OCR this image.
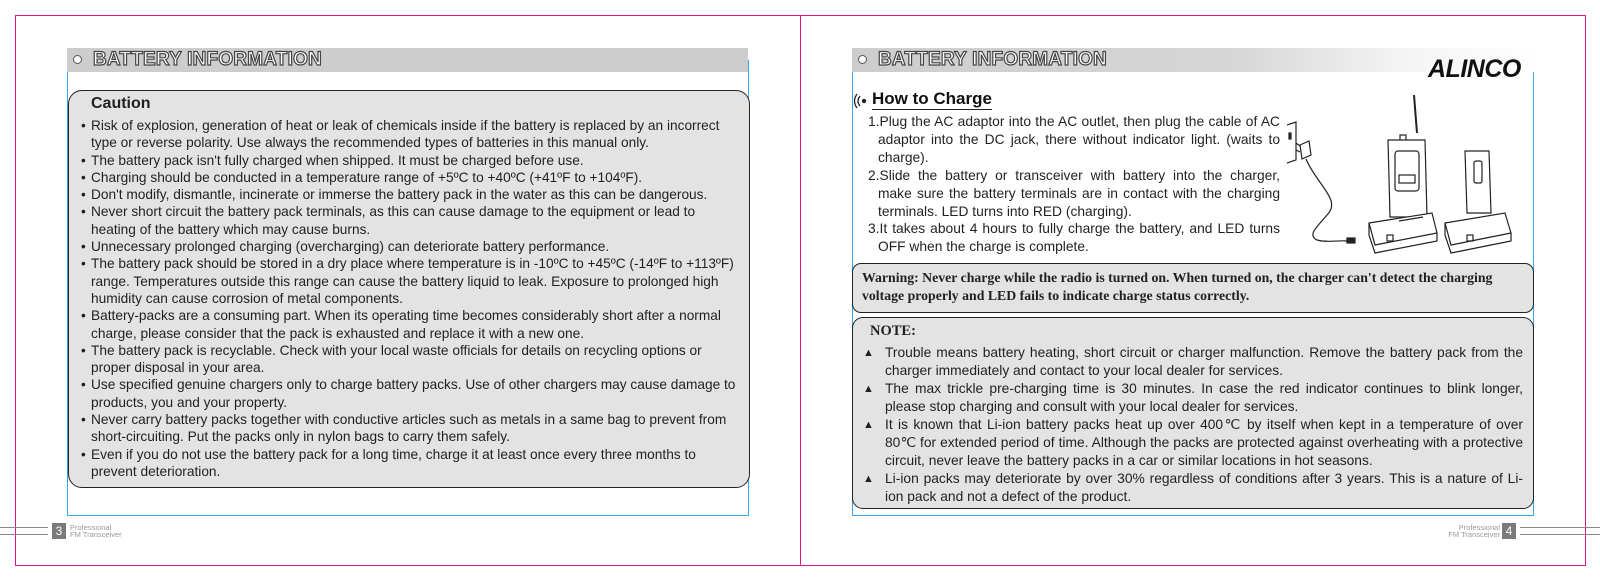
BATTERY INFORMATION
Caution
• Risk of explosion, generation of heat or leak of chemicals inside if the battery is replaced by an incorrect type or reverse polarity. Use always the recommended types of batteries in this manual only.
• The battery pack isn't fully charged when shipped. It must be charged before use.
• Charging should be conducted in a temperature range of +5ºC to +40ºC (+41ºF to +104ºF).
• Don't modify, dismantle, incinerate or immerse the battery pack in the water as this can be dangerous.
• Never short circuit the battery pack terminals, as this can cause damage to the equipment or lead to heating of the battery which may cause burns.
• Unnecessary prolonged charging (overcharging) can deteriorate battery performance.
• The battery pack should be stored in a dry place where temperature is in -10ºC to +45ºC (-14ºF to +113ºF) range. Temperatures outside this range can cause the battery liquid to leak. Exposure to prolonged high humidity can cause corrosion of metal components.
• Battery-packs are a consuming part. When its operating time becomes considerably short after a normal charge, please consider that the pack is exhausted and replace it with a new one.
• The battery pack is recyclable. Check with your local waste officials for details on recycling options or proper disposal in your area.
• Use specified genuine chargers only to charge battery packs. Use of other chargers may cause damage to products, you and your property.
• Never carry battery packs together with conductive articles such as metals in a same bag to prevent from short-circuiting. Put the packs only in nylon bags to carry them safely.
• Even if you do not use the battery pack for a long time, charge it at least once every three months to prevent deterioration.
3	Professional
FM Transceiver
BATTERY INFORMATION	ALINCO
How to Charge
1.Plug the AC adaptor into the AC outlet, then plug the cable of AC adaptor into the DC jack, there without indicator light. (waits to charge).
2.Slide the battery or transceiver with battery into the charger, make sure the battery terminals are in contact with the charging terminals. LED turns into RED (charging).
3.It takes about 4 hours to fully charge the battery, and LED turns OFF when the charge is complete.
Warning: Never charge while the radio is turned on. When turned on, the charger can't detect the charging voltage properly and LED fails to indicate charge status correctly.
NOTE:
▲ Trouble means battery heating, short circuit or charger malfunction. Remove the battery pack from the charger immediately and contact to your local dealer for services.
▲ The max trickle pre-charging time is 30 minutes. In case the red indicator continues to blink longer, please stop charging and consult with your local dealer for services.
▲ It is known that Li-ion battery packs heat up over 400℃ by itself when kept in a temperature of over 80℃ for extended period of time. Although the packs are protected against overheating with a protective circuit, never leave the battery packs in a car or similar locations in hot seasons.
▲ Li-ion packs may deteriorate by over 30% regardless of conditions after 3 years. This is a nature of Li-ion pack and not a defect of the product.
Professional
FM Transceiver 4
